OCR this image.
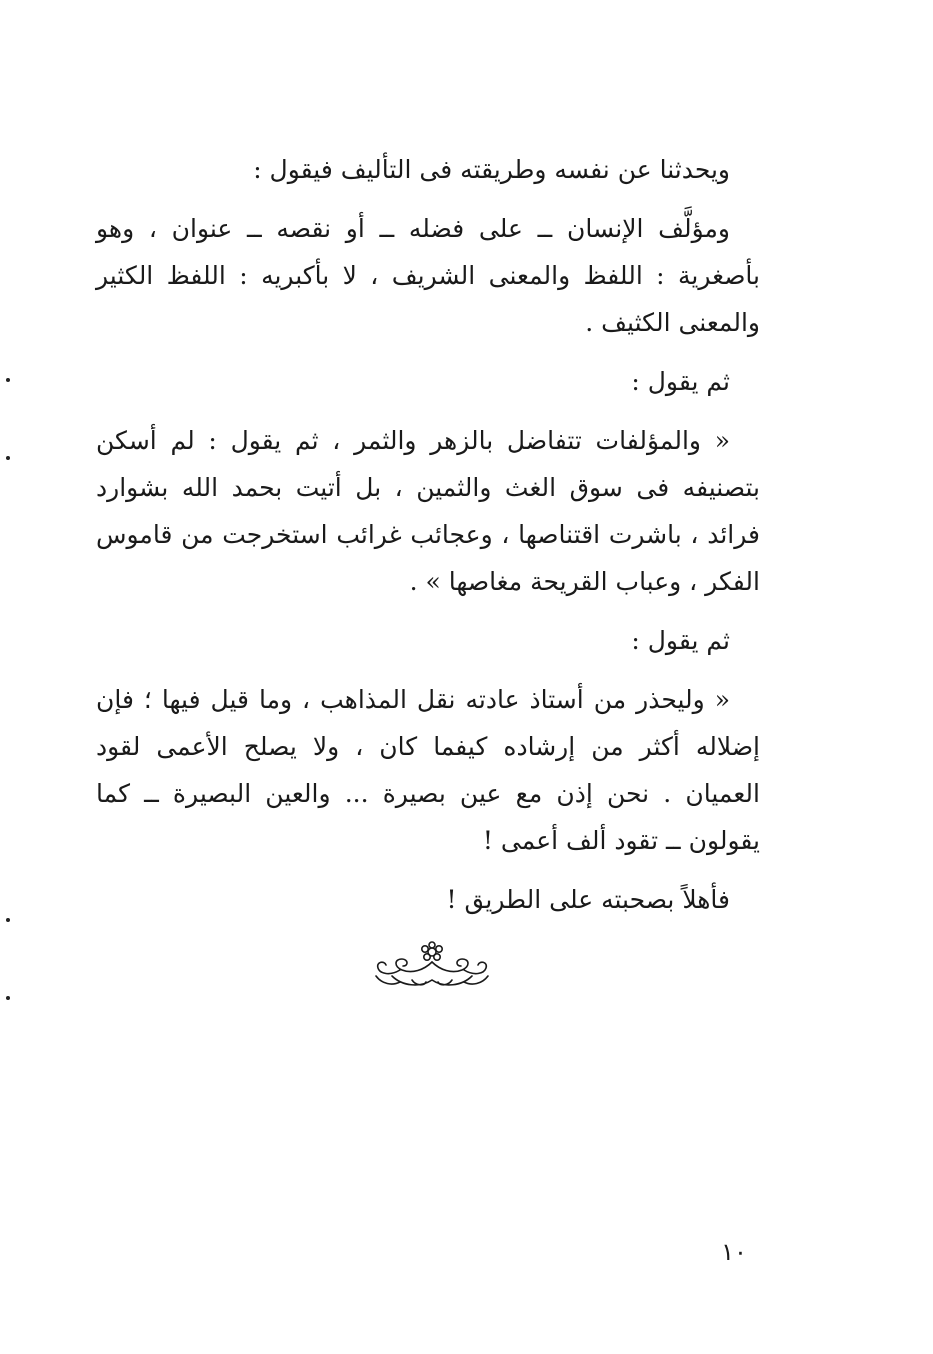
ويحدثنا عن نفسه وطريقته فى التأليف فيقول :

ومؤلَّف الإنسان ــ على فضله ــ أو نقصه ــ عنوان ، وهو بأصغرية : اللفظ والمعنى الشريف ، لا بأكبريه : اللفظ الكثير والمعنى الكثيف .

ثم يقول :

« والمؤلفات تتفاضل بالزهر والثمر ، ثم يقول : لم أسكن بتصنيفه فى سوق الغث والثمين ، بل أتيت بحمد الله بشوارد فرائد ، باشرت اقتناصها ، وعجائب غرائب استخرجت من قاموس الفكر ، وعباب القريحة مغاصها » .

ثم يقول :

« وليحذر من أستاذ عادته نقل المذاهب ، وما قيل فيها ؛ فإن إضلاله أكثر من إرشاده كيفما كان ، ولا يصلح الأعمى لقود العميان . نحن إذن مع عين بصيرة ... والعين البصيرة ــ كما يقولون ــ تقود ألف أعمى !

فأهلاً بصحبته على الطريق !

١٠
